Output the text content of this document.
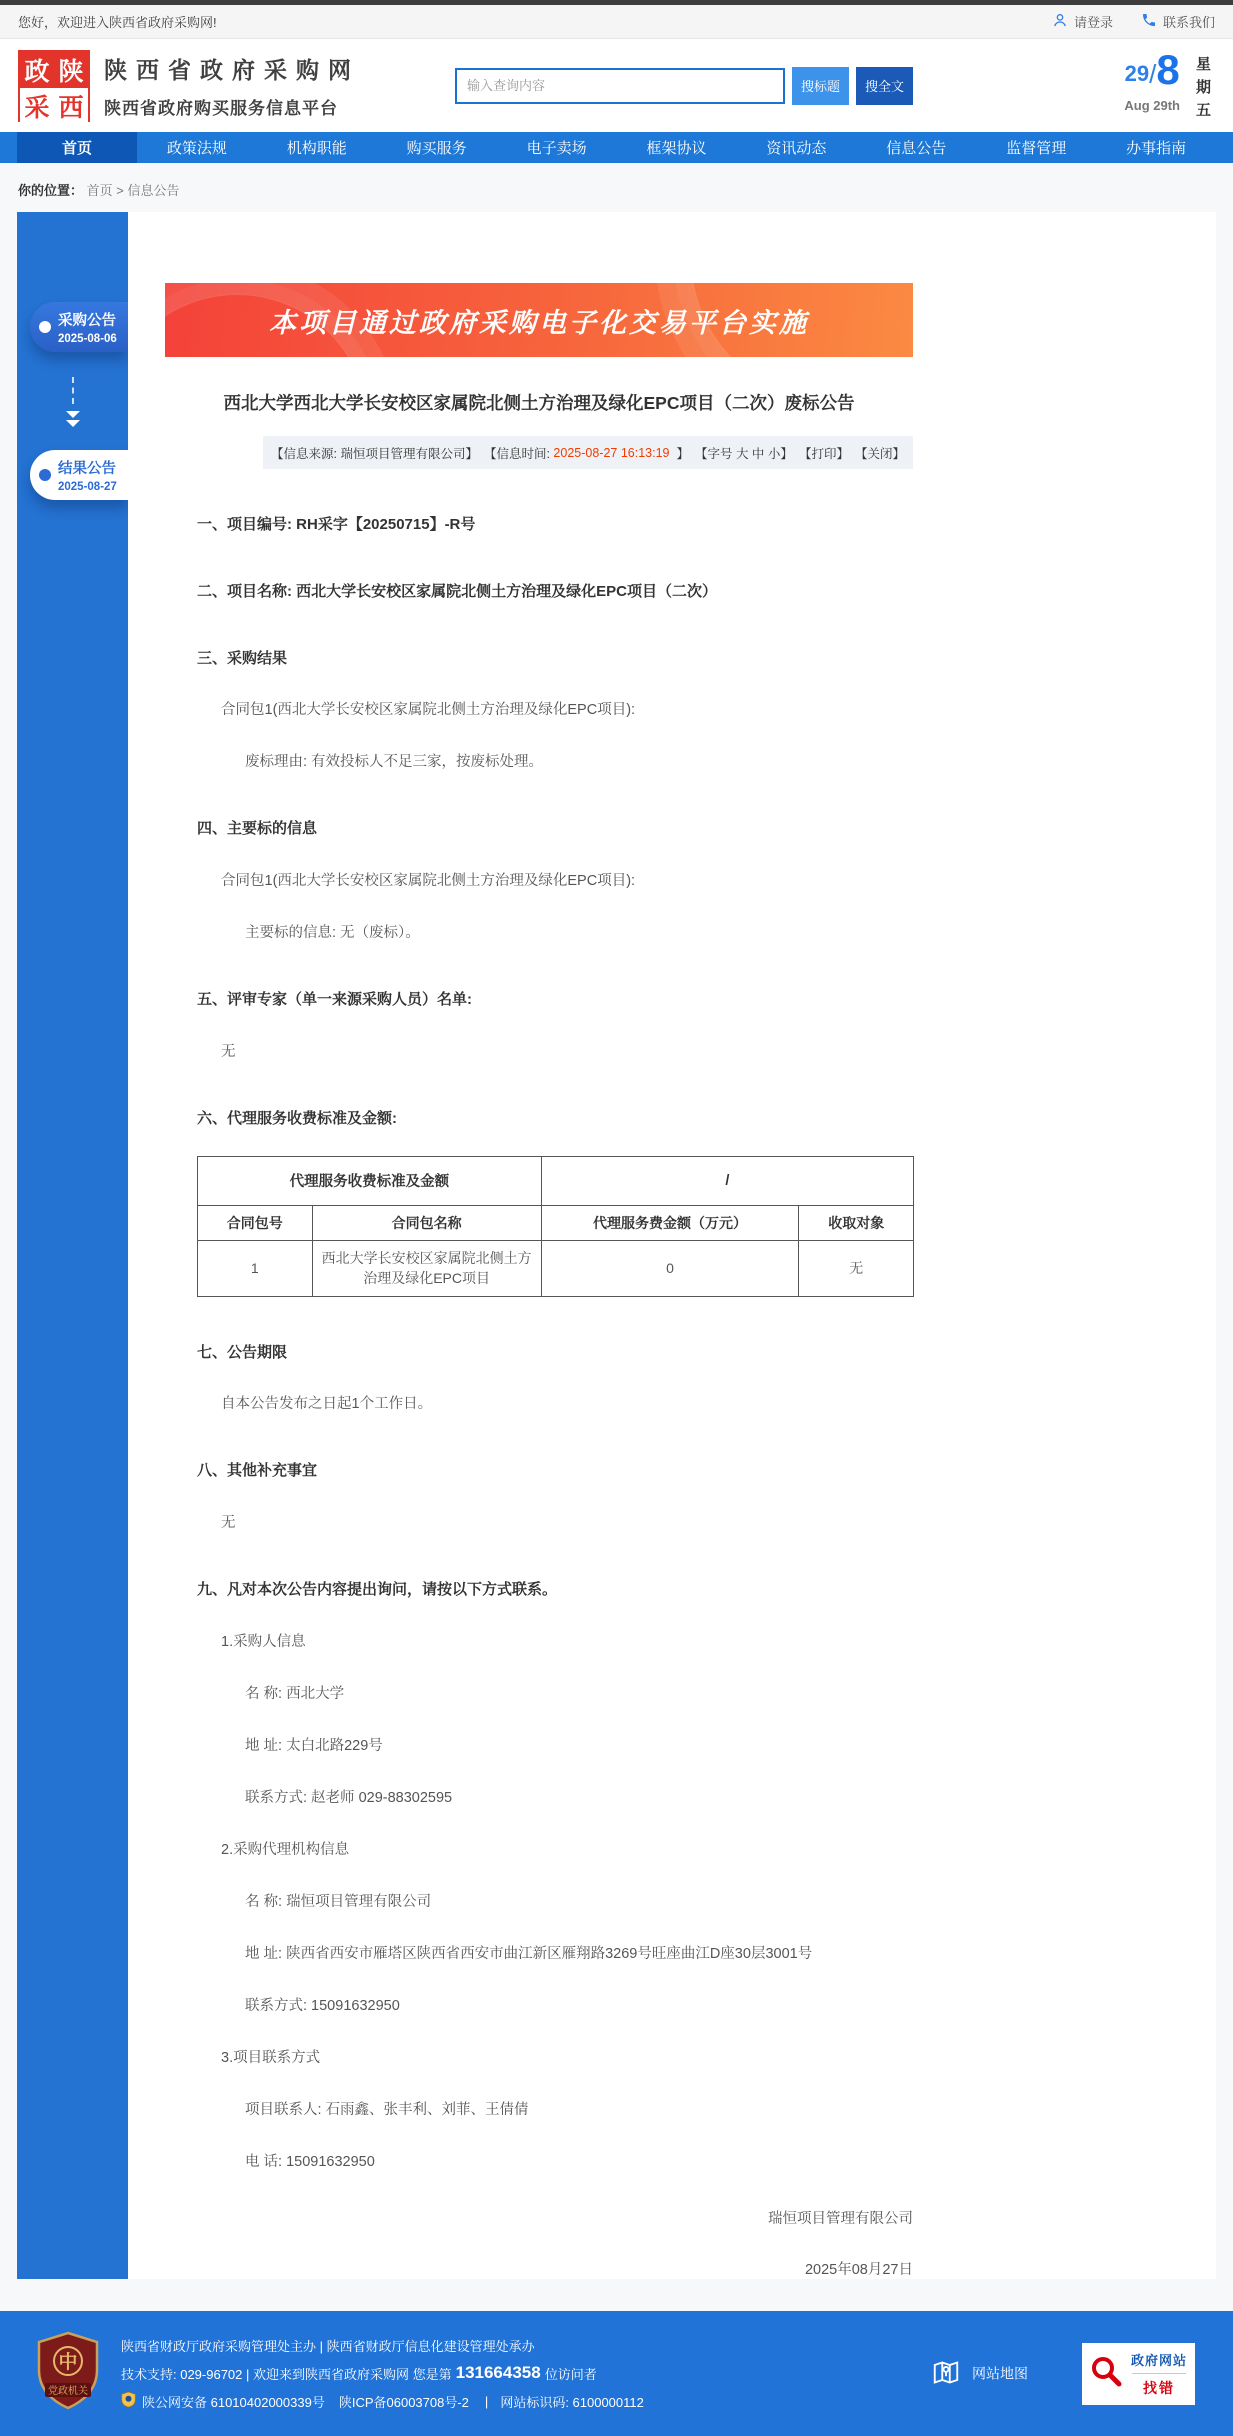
您好，欢迎进入陕西省政府采购网!	请登录	联系我们
政 陕
采 西
陕西省政府采购网
陕西省政府购买服务信息平台
输入查询内容
搜标题	搜全文
29 / 8
Aug 29th
星
期
五
首页	政策法规	机构职能	购买服务	电子卖场	框架协议	资讯动态	信息公告	监督管理	办事指南
你的位置： 首页 > 信息公告
采购公告
2025-08-06
结果公告
2025-08-27
本项目通过政府采购电子化交易平台实施
西北大学西北大学长安校区家属院北侧土方治理及绿化EPC项目（二次）废标公告
【信息来源: 瑞恒项目管理有限公司】 【信息时间: 2025-08-27 16:13:19 】 【字号 大 中 小 】 【打印】 【关闭】
一、项目编号: RH采字【20250715】-R号
二、项目名称: 西北大学长安校区家属院北侧土方治理及绿化EPC项目（二次）
三、采购结果
合同包1(西北大学长安校区家属院北侧土方治理及绿化EPC项目):
废标理由: 有效投标人不足三家，按废标处理。
四、主要标的信息
合同包1(西北大学长安校区家属院北侧土方治理及绿化EPC项目):
主要标的信息: 无（废标）。
五、评审专家（单一来源采购人员）名单:
无
六、代理服务收费标准及金额:
代理服务收费标准及金额		/	
合同包号	合同包名称	代理服务费金额（万元）	收取对象
1	西北大学长安校区家属院北侧土方治理及绿化EPC项目	0	无
七、公告期限
自本公告发布之日起1个工作日。
八、其他补充事宜
无
九、凡对本次公告内容提出询问，请按以下方式联系。
1.采购人信息
名 称: 西北大学
地 址: 太白北路229号
联系方式: 赵老师 029-88302595
2.采购代理机构信息
名 称: 瑞恒项目管理有限公司
地 址: 陕西省西安市雁塔区陕西省西安市曲江新区雁翔路3269号旺座曲江D座30层3001号
联系方式: 15091632950
3.项目联系方式
项目联系人: 石雨鑫、张丰利、刘菲、王倩倩
电 话: 15091632950
瑞恒项目管理有限公司
2025年08月27日
中
党政机关
陕西省财政厅政府采购管理处主办 | 陕西省财政厅信息化建设管理处承办
技术支持: 029-96702 | 欢迎来到陕西省政府采购网 您是第 131664358 位访问者
陕公网安备 61010402000339号 陕ICP备06003708号-2 | 网站标识码: 6100000112
网站地图
政府网站
找错
